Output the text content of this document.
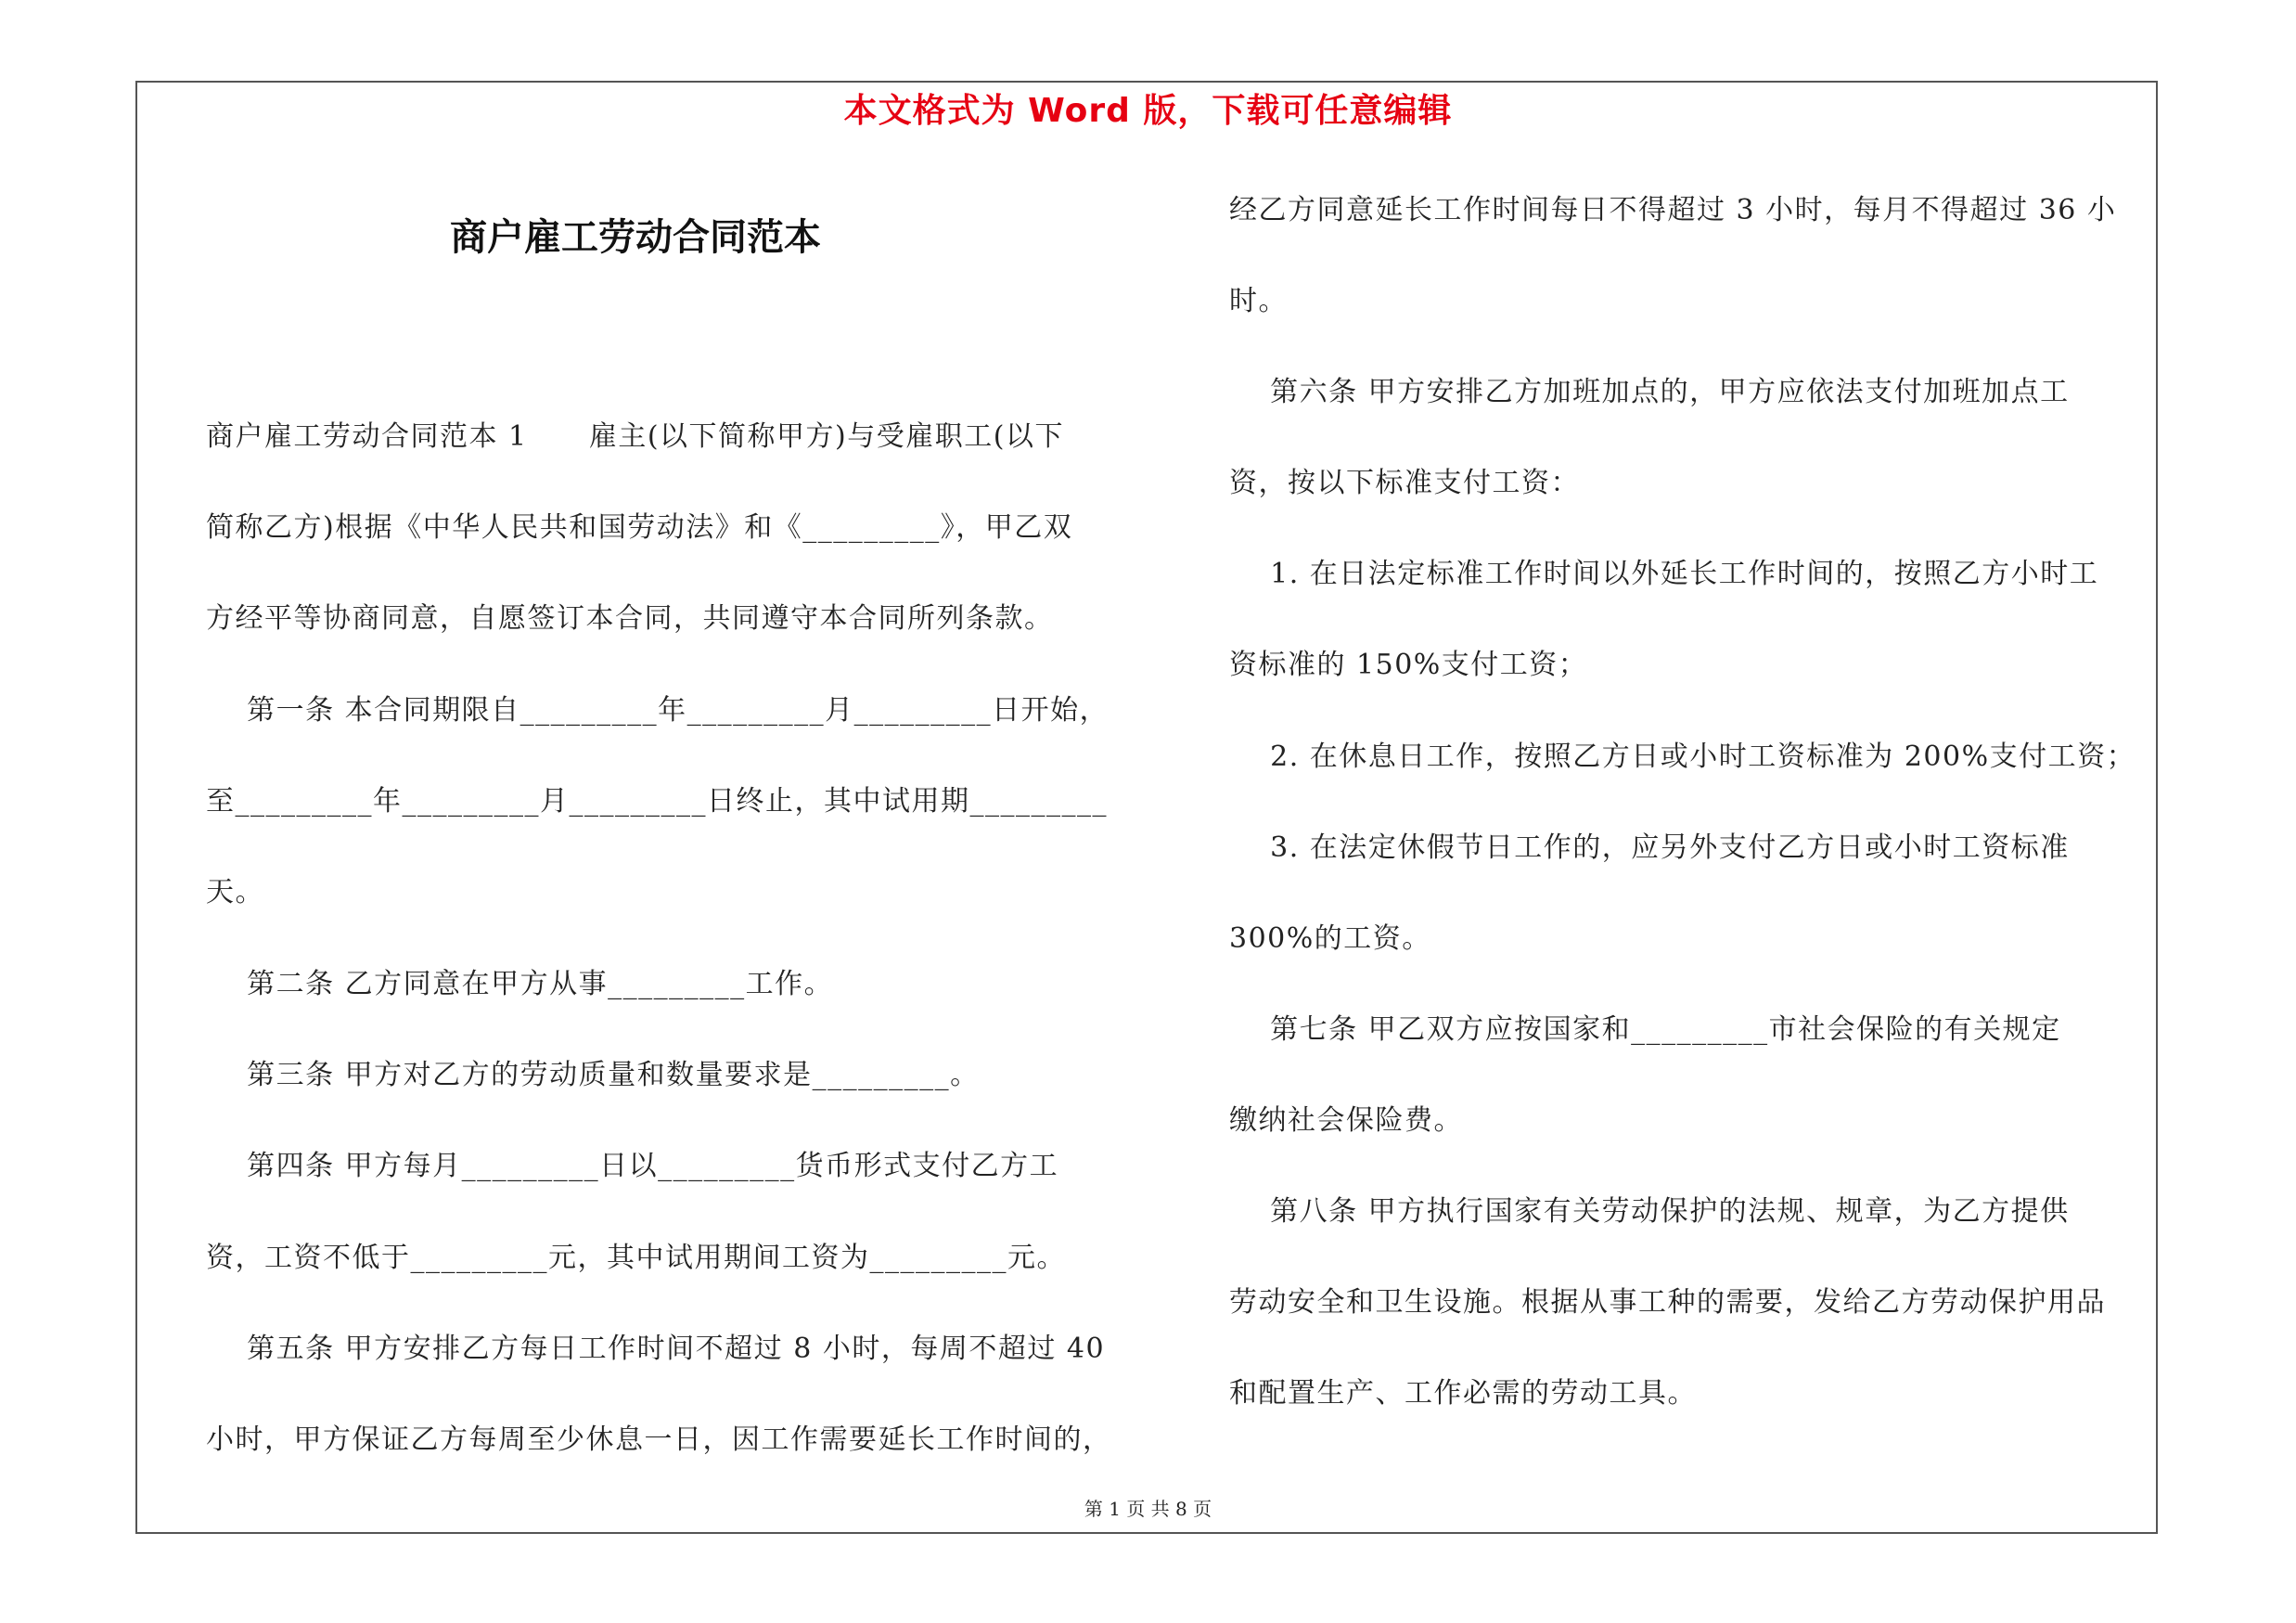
本文格式为 Word 版，下载可任意编辑
商户雇工劳动合同范本
商户雇工劳动合同范本 1      雇主(以下简称甲方)与受雇职工(以下
简称乙方)根据《中华人民共和国劳动法》和《_________》，甲乙双
方经平等协商同意，自愿签订本合同，共同遵守本合同所列条款。
第一条 本合同期限自_________年_________月_________日开始，
至_________年_________月_________日终止，其中试用期_________
天。
第二条 乙方同意在甲方从事_________工作。
第三条 甲方对乙方的劳动质量和数量要求是_________。
第四条 甲方每月_________日以_________货币形式支付乙方工
资，工资不低于_________元，其中试用期间工资为_________元。
第五条 甲方安排乙方每日工作时间不超过 8 小时，每周不超过 40
小时，甲方保证乙方每周至少休息一日，因工作需要延长工作时间的，
经乙方同意延长工作时间每日不得超过 3 小时，每月不得超过 36 小
时。
第六条 甲方安排乙方加班加点的，甲方应依法支付加班加点工
资，按以下标准支付工资：
1. 在日法定标准工作时间以外延长工作时间的，按照乙方小时工
资标准的 150%支付工资；
2. 在休息日工作，按照乙方日或小时工资标准为 200%支付工资；
3. 在法定休假节日工作的，应另外支付乙方日或小时工资标准
300%的工资。
第七条 甲乙双方应按国家和_________市社会保险的有关规定
缴纳社会保险费。
第八条 甲方执行国家有关劳动保护的法规、规章，为乙方提供
劳动安全和卫生设施。根据从事工种的需要，发给乙方劳动保护用品
和配置生产、工作必需的劳动工具。
第 1 页 共 8 页
